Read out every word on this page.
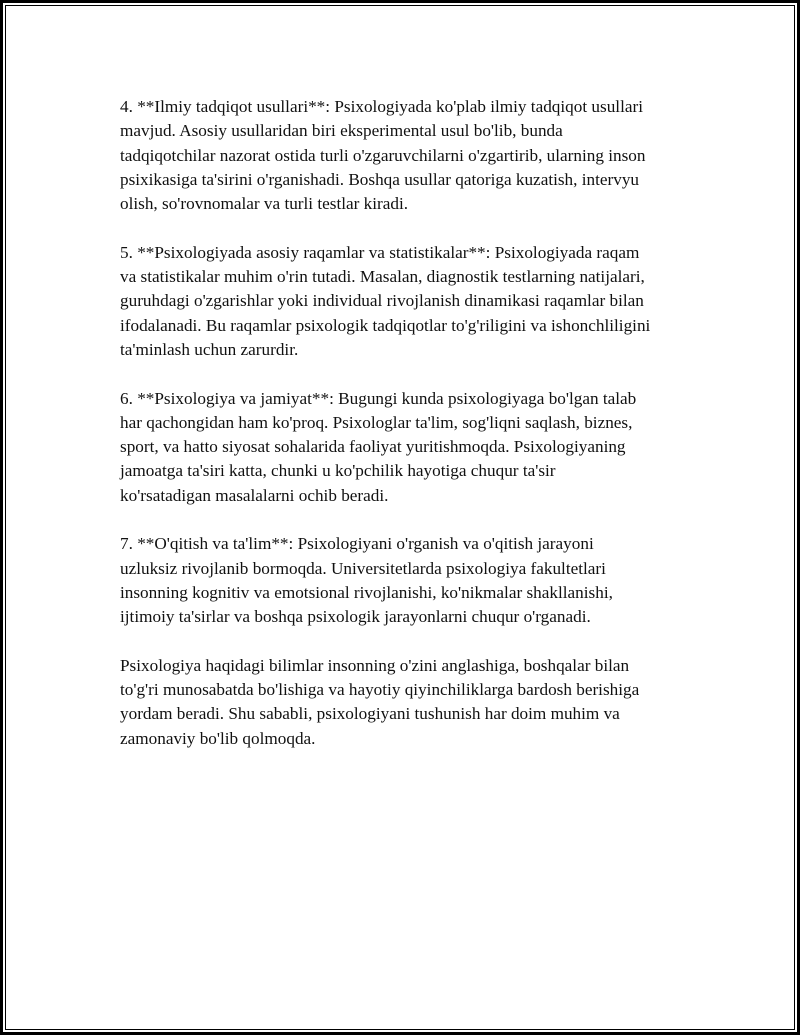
4. **Ilmiy tadqiqot usullari**: Psixologiyada ko'plab ilmiy tadqiqot usullari
mavjud. Asosiy usullaridan biri eksperimental usul bo'lib, bunda
tadqiqotchilar nazorat ostida turli o'zgaruvchilarni o'zgartirib, ularning inson
psixikasiga ta'sirini o'rganishadi. Boshqa usullar qatoriga kuzatish, intervyu
olish, so'rovnomalar va turli testlar kiradi.

5. **Psixologiyada asosiy raqamlar va statistikalar**: Psixologiyada raqam
va statistikalar muhim o'rin tutadi. Masalan, diagnostik testlarning natijalari,
guruhdagi o'zgarishlar yoki individual rivojlanish dinamikasi raqamlar bilan
ifodalanadi. Bu raqamlar psixologik tadqiqotlar to'g'riligini va ishonchliligini
ta'minlash uchun zarurdir.

6. **Psixologiya va jamiyat**: Bugungi kunda psixologiyaga bo'lgan talab
har qachongidan ham ko'proq. Psixologlar ta'lim, sog'liqni saqlash, biznes,
sport, va hatto siyosat sohalarida faoliyat yuritishmoqda. Psixologiyaning
jamoatga ta'siri katta, chunki u ko'pchilik hayotiga chuqur ta'sir
ko'rsatadigan masalalarni ochib beradi.

7. **O'qitish va ta'lim**: Psixologiyani o'rganish va o'qitish jarayoni
uzluksiz rivojlanib bormoqda. Universitetlarda psixologiya fakultetlari
insonning kognitiv va emotsional rivojlanishi, ko'nikmalar shakllanishi,
ijtimoiy ta'sirlar va boshqa psixologik jarayonlarni chuqur o'rganadi.

Psixologiya haqidagi bilimlar insonning o'zini anglashiga, boshqalar bilan
to'g'ri munosabatda bo'lishiga va hayotiy qiyinchiliklarga bardosh berishiga
yordam beradi. Shu sababli, psixologiyani tushunish har doim muhim va
zamonaviy bo'lib qolmoqda.
